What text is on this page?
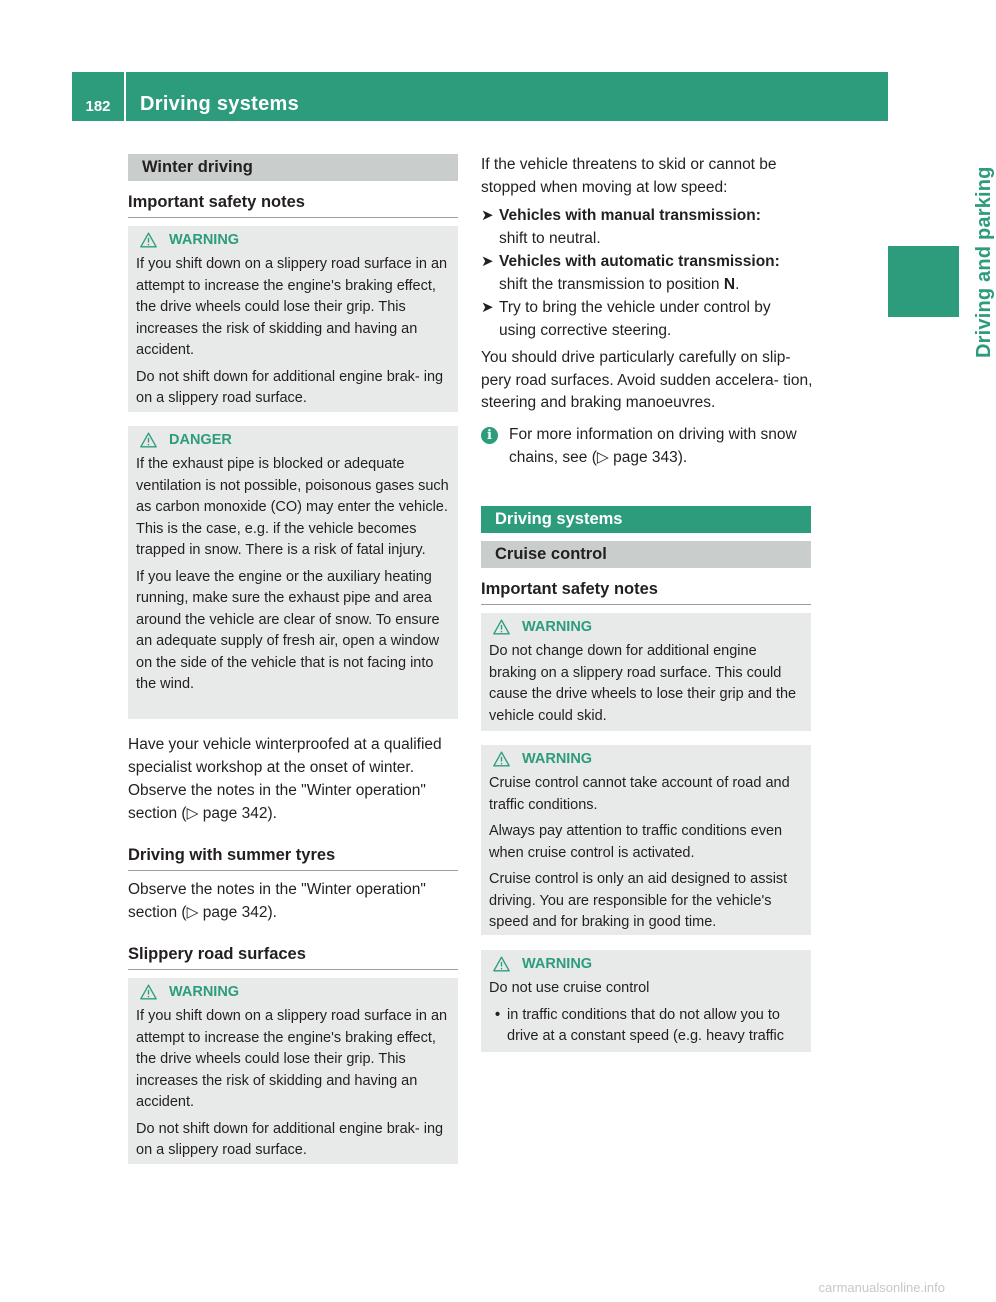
182	Driving systems
Driving and parking
Winter driving
Important safety notes
WARNING

If you shift down on a slippery road surface in an attempt to increase the engine's braking effect, the drive wheels could lose their grip. This increases the risk of skidding and having an accident.

Do not shift down for additional engine brak- ing on a slippery road surface.

DANGER

If the exhaust pipe is blocked or adequate ventilation is not possible, poisonous gases such as carbon monoxide (CO) may enter the vehicle. This is the case, e.g. if the vehicle becomes trapped in snow. There is a risk of fatal injury.

If you leave the engine or the auxiliary heating running, make sure the exhaust pipe and area around the vehicle are clear of snow. To ensure an adequate supply of fresh air, open a window on the side of the vehicle that is not facing into the wind.

Have your vehicle winterproofed at a qualified specialist workshop at the onset of winter.

Observe the notes in the "Winter operation" section (▷ page 342).

Driving with summer tyres

Observe the notes in the "Winter operation" section (▷ page 342).

Slippery road surfaces
WARNING

If you shift down on a slippery road surface in an attempt to increase the engine's braking effect, the drive wheels could lose their grip. This increases the risk of skidding and having an accident.

Do not shift down for additional engine brak- ing on a slippery road surface.

If the vehicle threatens to skid or cannot be stopped when moving at low speed:

➤ Vehicles with manual transmission:
shift to neutral.
➤ Vehicles with automatic transmission:
shift the transmission to position N.
➤ Try to bring the vehicle under control by using corrective steering.

You should drive particularly carefully on slip- pery road surfaces. Avoid sudden accelera- tion, steering and braking manoeuvres.

i	For more information on driving with snow chains, see (▷ page 343).
Driving systems
Cruise control
Important safety notes
WARNING

Do not change down for additional engine braking on a slippery road surface. This could cause the drive wheels to lose their grip and the vehicle could skid.

WARNING

Cruise control cannot take account of road and traffic conditions.

Always pay attention to traffic conditions even when cruise control is activated.

Cruise control is only an aid designed to assist driving. You are responsible for the vehicle's speed and for braking in good time.

WARNING

Do not use cruise control

• in traffic conditions that do not allow you to drive at a constant speed (e.g. heavy traffic
carmanualsonline.info
